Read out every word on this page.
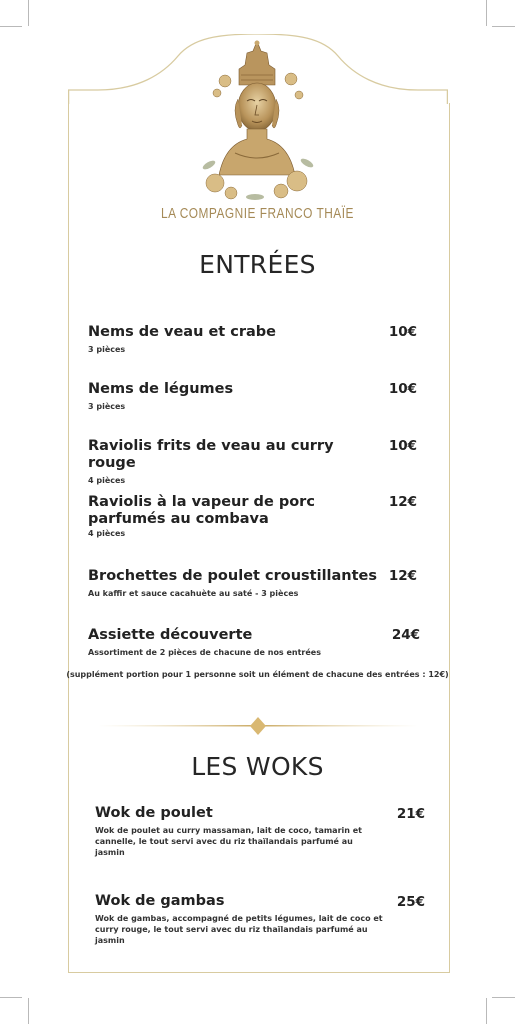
LA COMPAGNIE FRANCO THAÏE
ENTRÉES
Nems de veau et crabe
3 pièces
10€
Nems de légumes
3 pièces
10€
Raviolis frits de veau au curry rouge
4 pièces
10€
Raviolis à la vapeur de porc parfumés au combava
4 pièces
12€
Brochettes de poulet croustillantes
Au kaffir et sauce cacahuète au saté - 3 pièces
12€
Assiette découverte
Assortiment de 2 pièces de chacune de nos entrées
24€
(supplément portion pour 1 personne soit un élément de chacune des entrées : 12€)
LES WOKS
Wok de poulet
Wok de poulet au curry massaman, lait de coco, tamarin et cannelle, le tout servi avec du riz thaïlandais parfumé au jasmin
21€
Wok de gambas
Wok de gambas, accompagné de petits légumes, lait de coco et curry rouge, le tout servi avec du riz thaïlandais parfumé au jasmin
25€
